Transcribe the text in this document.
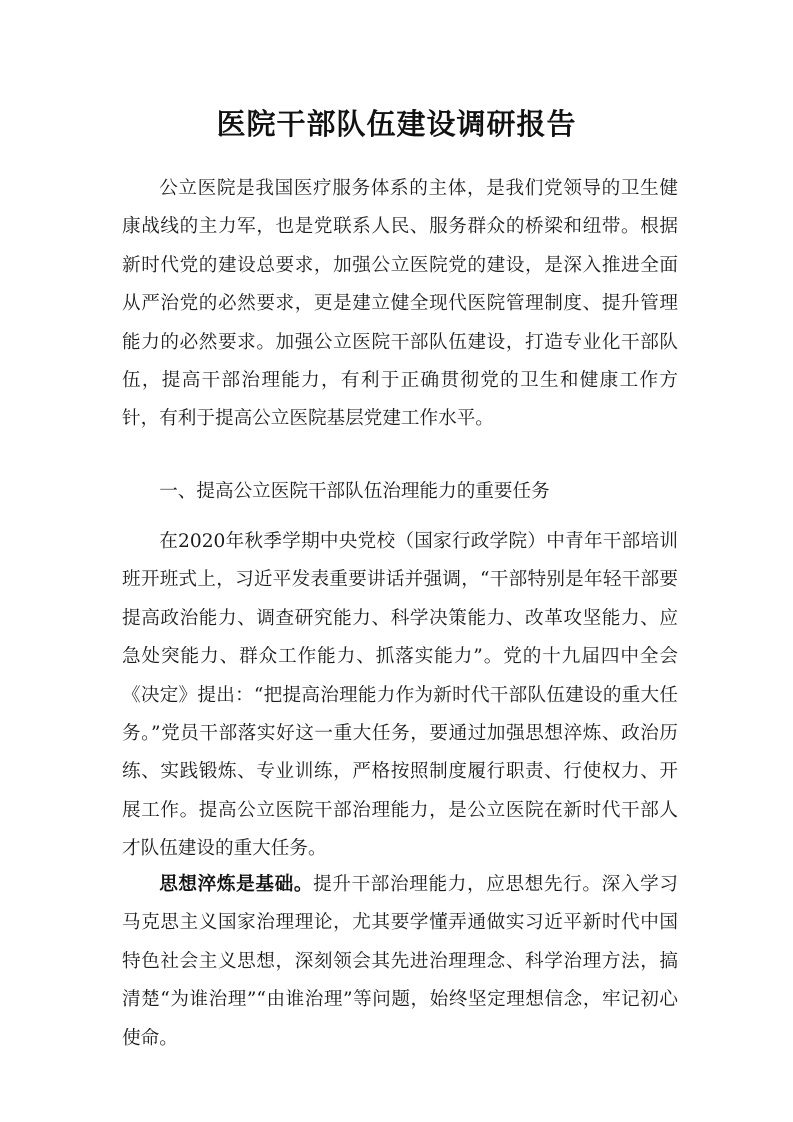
医院干部队伍建设调研报告

公立医院是我国医疗服务体系的主体，是我们党领导的卫生健康战线的主力军，也是党联系人民、服务群众的桥梁和纽带。根据新时代党的建设总要求，加强公立医院党的建设，是深入推进全面从严治党的必然要求，更是建立健全现代医院管理制度、提升管理能力的必然要求。加强公立医院干部队伍建设，打造专业化干部队伍，提高干部治理能力，有利于正确贯彻党的卫生和健康工作方针，有利于提高公立医院基层党建工作水平。

一、提高公立医院干部队伍治理能力的重要任务

在2020年秋季学期中央党校（国家行政学院）中青年干部培训班开班式上，习近平发表重要讲话并强调，“干部特别是年轻干部要提高政治能力、调查研究能力、科学决策能力、改革攻坚能力、应急处突能力、群众工作能力、抓落实能力”。党的十九届四中全会《决定》提出：“把提高治理能力作为新时代干部队伍建设的重大任务。”党员干部落实好这一重大任务，要通过加强思想淬炼、政治历练、实践锻炼、专业训练，严格按照制度履行职责、行使权力、开展工作。提高公立医院干部治理能力，是公立医院在新时代干部人才队伍建设的重大任务。

思想淬炼是基础。提升干部治理能力，应思想先行。深入学习马克思主义国家治理理论，尤其要学懂弄通做实习近平新时代中国特色社会主义思想，深刻领会其先进治理理念、科学治理方法，搞清楚“为谁治理”“由谁治理”等问题，始终坚定理想信念，牢记初心使命。
